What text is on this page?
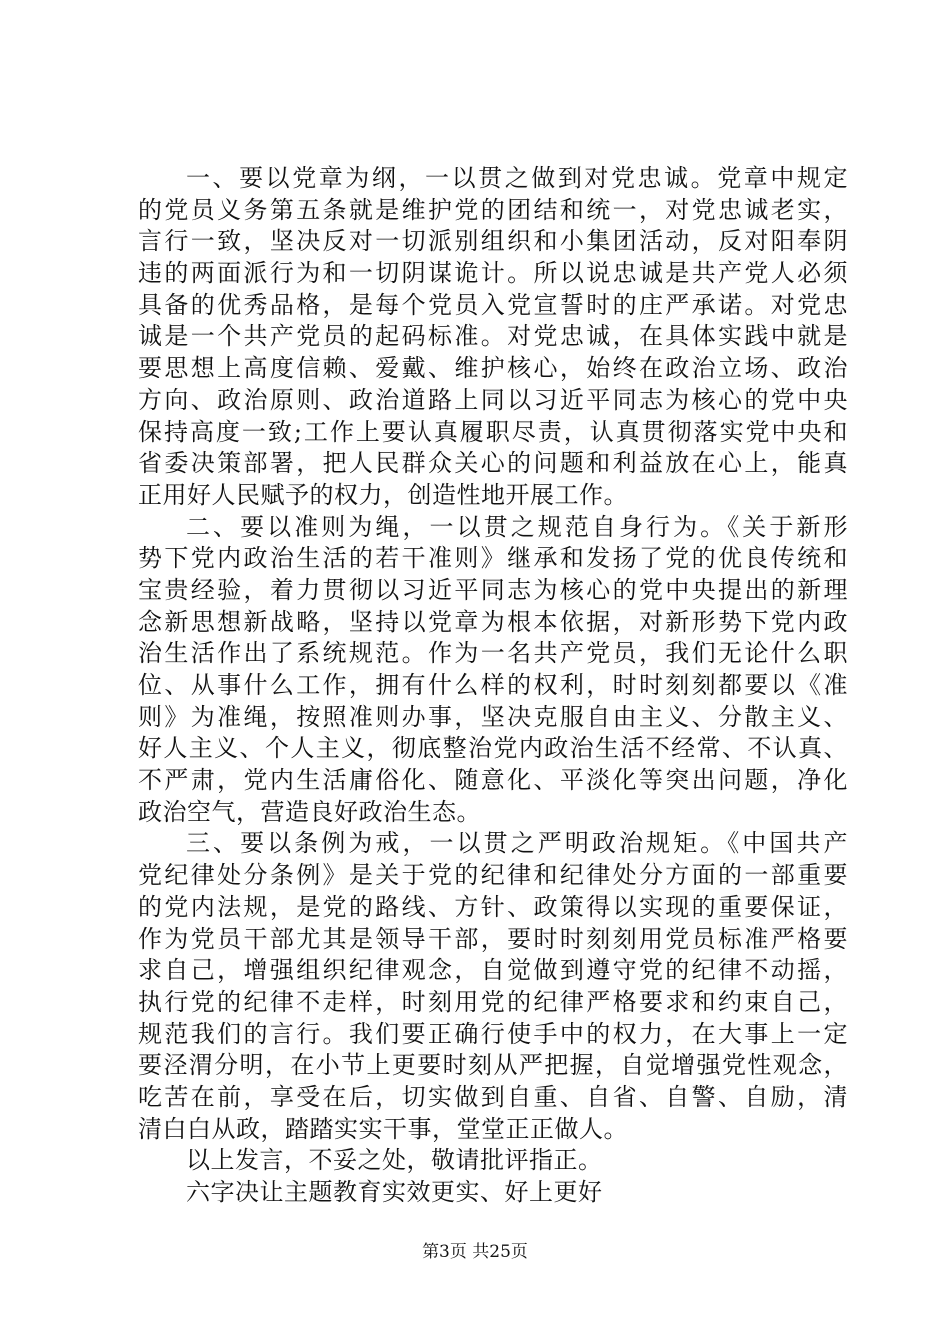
一、要以党章为纲，一以贯之做到对党忠诚。党章中规定
的党员义务第五条就是维护党的团结和统一，对党忠诚老实，
言行一致，坚决反对一切派别组织和小集团活动，反对阳奉阴
违的两面派行为和一切阴谋诡计。所以说忠诚是共产党人必须
具备的优秀品格，是每个党员入党宣誓时的庄严承诺。对党忠
诚是一个共产党员的起码标准。对党忠诚，在具体实践中就是
要思想上高度信赖、爱戴、维护核心，始终在政治立场、政治
方向、政治原则、政治道路上同以习近平同志为核心的党中央
保持高度一致;工作上要认真履职尽责，认真贯彻落实党中央和
省委决策部署，把人民群众关心的问题和利益放在心上，能真
正用好人民赋予的权力，创造性地开展工作。
二、要以准则为绳，一以贯之规范自身行为。《关于新形
势下党内政治生活的若干准则》继承和发扬了党的优良传统和
宝贵经验，着力贯彻以习近平同志为核心的党中央提出的新理
念新思想新战略，坚持以党章为根本依据，对新形势下党内政
治生活作出了系统规范。作为一名共产党员，我们无论什么职
位、从事什么工作，拥有什么样的权利，时时刻刻都要以《准
则》为准绳，按照准则办事，坚决克服自由主义、分散主义、
好人主义、个人主义，彻底整治党内政治生活不经常、不认真、
不严肃，党内生活庸俗化、随意化、平淡化等突出问题，净化
政治空气，营造良好政治生态。
三、要以条例为戒，一以贯之严明政治规矩。《中国共产
党纪律处分条例》是关于党的纪律和纪律处分方面的一部重要
的党内法规，是党的路线、方针、政策得以实现的重要保证，
作为党员干部尤其是领导干部，要时时刻刻用党员标准严格要
求自己，增强组织纪律观念，自觉做到遵守党的纪律不动摇，
执行党的纪律不走样，时刻用党的纪律严格要求和约束自己，
规范我们的言行。我们要正确行使手中的权力，在大事上一定
要泾渭分明，在小节上更要时刻从严把握，自觉增强党性观念，
吃苦在前，享受在后，切实做到自重、自省、自警、自励，清
清白白从政，踏踏实实干事，堂堂正正做人。
以上发言，不妥之处，敬请批评指正。
六字决让主题教育实效更实、好上更好
第3页 共25页
